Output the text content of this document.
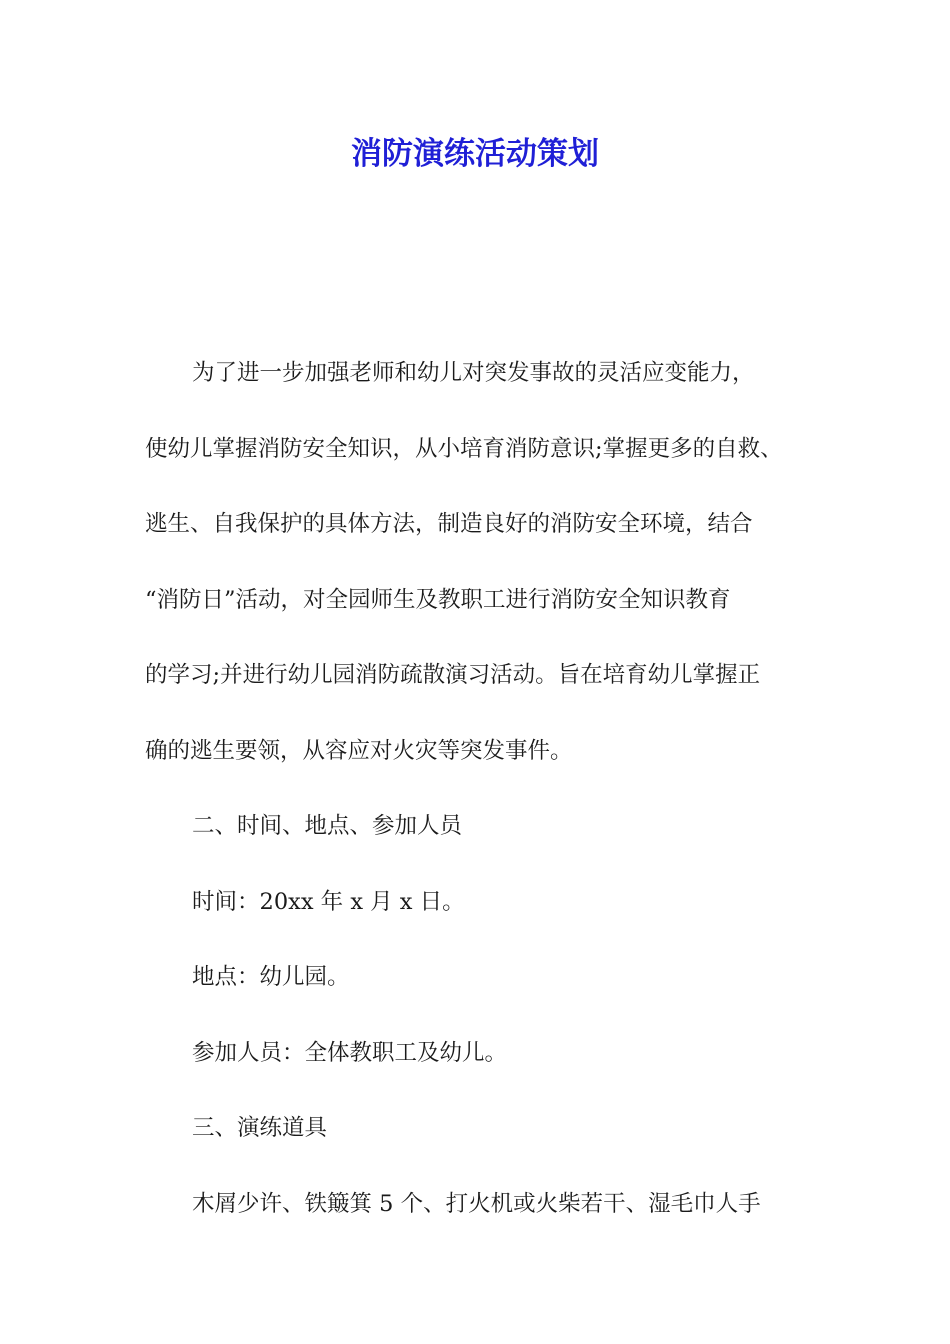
消防演练活动策划

为了进一步加强老师和幼儿对突发事故的灵活应变能力，

使幼儿掌握消防安全知识，从小培育消防意识;掌握更多的自救、

逃生、自我保护的具体方法，制造良好的消防安全环境，结合

“消防日”活动，对全园师生及教职工进行消防安全知识教育

的学习;并进行幼儿园消防疏散演习活动。旨在培育幼儿掌握正

确的逃生要领，从容应对火灾等突发事件。

二、时间、地点、参加人员

时间：20xx 年 x 月 x 日。

地点：幼儿园。

参加人员：全体教职工及幼儿。

三、演练道具

木屑少许、铁簸箕 5 个、打火机或火柴若干、湿毛巾人手
